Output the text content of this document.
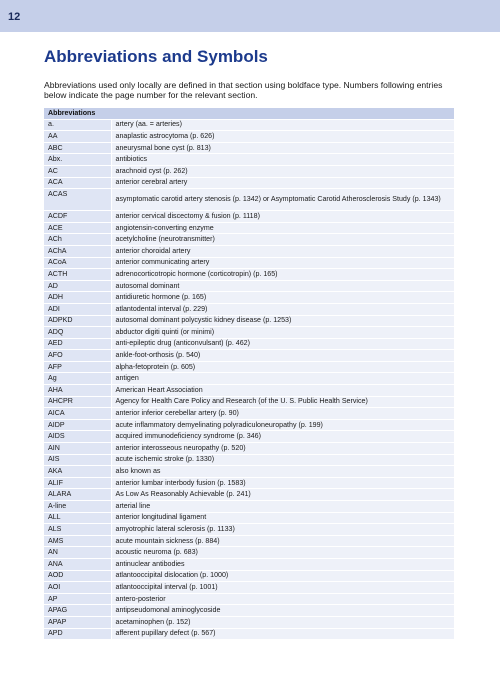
12
Abbreviations and Symbols

Abbreviations used only locally are defined in that section using boldface type. Numbers following entries below indicate the page number for the relevant section.

Abbreviations	
a.	artery (aa. = arteries)
AA	anaplastic astrocytoma (p. 626)
ABC	aneurysmal bone cyst (p. 813)
Abx.	antibiotics
AC	arachnoid cyst (p. 262)
ACA	anterior cerebral artery
ACAS	asymptomatic carotid artery stenosis (p. 1342) or Asymptomatic Carotid Atherosclerosis Study (p. 1343)
ACDF	anterior cervical discectomy & fusion (p. 1118)
ACE	angiotensin-converting enzyme
ACh	acetylcholine (neurotransmitter)
AChA	anterior choroidal artery
ACoA	anterior communicating artery
ACTH	adrenocorticotropic hormone (corticotropin) (p. 165)
AD	autosomal dominant
ADH	antidiuretic hormone (p. 165)
ADI	atlantodental interval (p. 229)
ADPKD	autosomal dominant polycystic kidney disease (p. 1253)
ADQ	abductor digiti quinti (or minimi)
AED	anti-epileptic drug (anticonvulsant) (p. 462)
AFO	ankle-foot-orthosis (p. 540)
AFP	alpha-fetoprotein (p. 605)
Ag	antigen
AHA	American Heart Association
AHCPR	Agency for Health Care Policy and Research (of the U. S. Public Health Service)
AICA	anterior inferior cerebellar artery (p. 90)
AIDP	acute inflammatory demyelinating polyradiculoneuropathy (p. 199)
AIDS	acquired immunodeficiency syndrome (p. 346)
AIN	anterior interosseous neuropathy (p. 520)
AIS	acute ischemic stroke (p. 1330)
AKA	also known as
ALIF	anterior lumbar interbody fusion (p. 1583)
ALARA	As Low As Reasonably Achievable (p. 241)
A-line	arterial line
ALL	anterior longitudinal ligament
ALS	amyotrophic lateral sclerosis (p. 1133)
AMS	acute mountain sickness (p. 884)
AN	acoustic neuroma (p. 683)
ANA	antinuclear antibodies
AOD	atlantooccipital dislocation (p. 1000)
AOI	atlantooccipital interval (p. 1001)
AP	antero-posterior
APAG	antipseudomonal aminoglycoside
APAP	acetaminophen (p. 152)
APD	afferent pupillary defect (p. 567)
